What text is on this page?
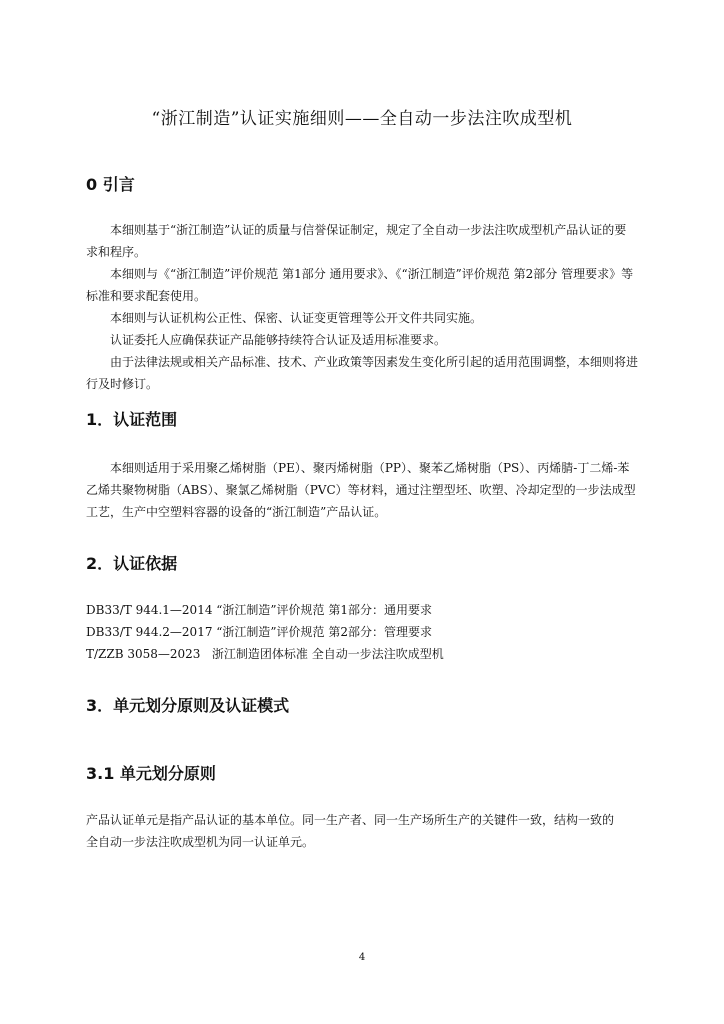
“浙江制造”认证实施细则——全自动一步法注吹成型机
0 引言

本细则基于“浙江制造”认证的质量与信誉保证制定，规定了全自动一步法注吹成型机产品认证的要求和程序。

本细则与《“浙江制造”评价规范 第1部分 通用要求》、《“浙江制造”评价规范 第2部分 管理要求》等标准和要求配套使用。

本细则与认证机构公正性、保密、认证变更管理等公开文件共同实施。

认证委托人应确保获证产品能够持续符合认证及适用标准要求。

由于法律法规或相关产品标准、技术、产业政策等因素发生变化所引起的适用范围调整，本细则将进行及时修订。

1．认证范围

本细则适用于采用聚乙烯树脂（PE）、聚丙烯树脂（PP）、聚苯乙烯树脂（PS）、丙烯腈-丁二烯-苯乙烯共聚物树脂（ABS）、聚氯乙烯树脂（PVC）等材料，通过注塑型坯、吹塑、冷却定型的一步法成型 工艺，生产中空塑料容器的设备的“浙江制造”产品认证。

2．认证依据
DB33/T 944.1—2014 “浙江制造”评价规范 第1部分：通用要求
DB33/T 944.2—2017 “浙江制造”评价规范 第2部分：管理要求
T/ZZB 3058—2023   浙江制造团体标准 全自动一步法注吹成型机
3．单元划分原则及认证模式
3.1 单元划分原则

产品认证单元是指产品认证的基本单位。同一生产者、同一生产场所生产的关键件一致，结构一致的全自动一步法注吹成型机为同一认证单元。

4
